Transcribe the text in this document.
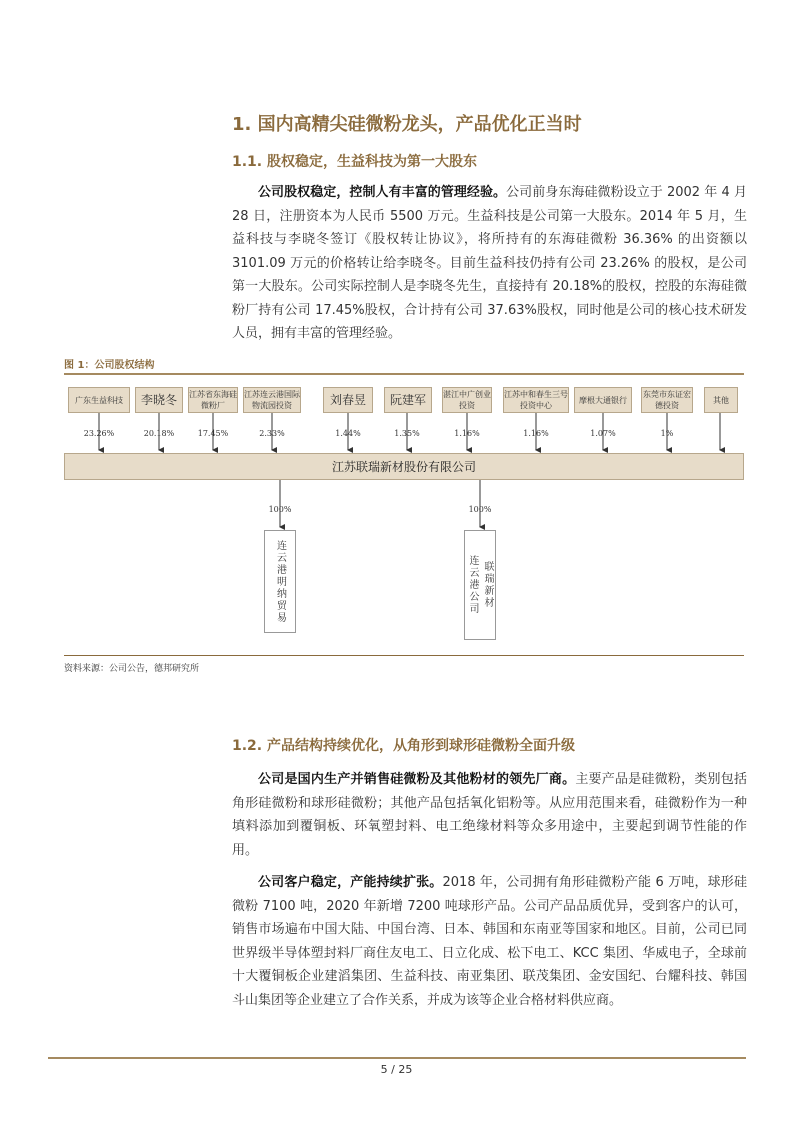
1. 国内高精尖硅微粉龙头，产品优化正当时
1.1. 股权稳定，生益科技为第一大股东
公司股权稳定，控制人有丰富的管理经验。公司前身东海硅微粉设立于 2002 年 4 月 28 日，注册资本为人民币 5500 万元。生益科技是公司第一大股东。2014 年 5 月，生益科技与李晓冬签订《股权转让协议》，将所持有的东海硅微粉 36.36% 的出资额以 3101.09 万元的价格转让给李晓冬。目前生益科技仍持有公司 23.26% 的股权，是公司第一大股东。公司实际控制人是李晓冬先生，直接持有 20.18%的股权，控股的东海硅微粉厂持有公司 17.45%股权，合计持有公司 37.63%股权，同时他是公司的核心技术研发人员，拥有丰富的管理经验。
图 1：公司股权结构
广东生益科技	李晓冬	江苏省东海硅微粉厂
江苏连云港国际物流园投资	刘春昱	阮建军	湛江中广创业投资
江苏中和春生三号投资中心
摩根大通银行
东莞市东证宏德投资
其他
23.26%	20.18%	17.45%	2.33%	1.44%	1.35%	1.16%	1.16%	1.07%	1%
江苏联瑞新材股份有限公司
100%	100%
连云港明纳贸易	连云港公司 联瑞新材
资料来源：公司公告，德邦研究所
1.2. 产品结构持续优化，从角形到球形硅微粉全面升级
公司是国内生产并销售硅微粉及其他粉材的领先厂商。主要产品是硅微粉，类别包括角形硅微粉和球形硅微粉；其他产品包括氧化铝粉等。从应用范围来看，硅微粉作为一种填料添加到覆铜板、环氧塑封料、电工绝缘材料等众多用途中，主要起到调节性能的作用。
公司客户稳定，产能持续扩张。2018 年，公司拥有角形硅微粉产能 6 万吨，球形硅微粉 7100 吨，2020 年新增 7200 吨球形产品。公司产品品质优异，受到客户的认可，销售市场遍布中国大陆、中国台湾、日本、韩国和东南亚等国家和地区。目前，公司已同世界级半导体塑封料厂商住友电工、日立化成、松下电工、KCC 集团、华威电子，全球前十大覆铜板企业建滔集团、生益科技、南亚集团、联茂集团、金安国纪、台耀科技、韩国斗山集团等企业建立了合作关系，并成为该等企业合格材料供应商。
5 / 25
